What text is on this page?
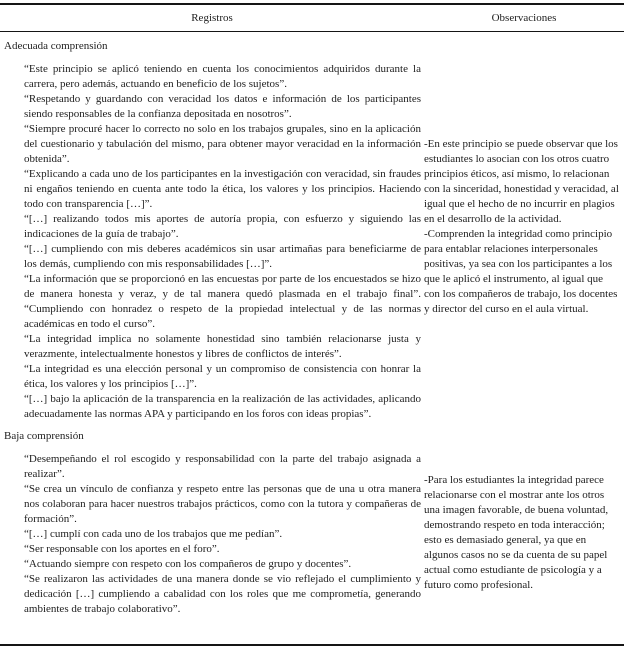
Registros	Observaciones
Adecuada comprensión

“Este principio se aplicó teniendo en cuenta los conocimientos adquiridos durante la carrera, pero además, actuando en beneficio de los sujetos”.

“Respetando y guardando con veracidad los datos e información de los participantes siendo responsables de la confianza depositada en nosotros”.

“Siempre procuré hacer lo correcto no solo en los trabajos grupales, sino en la aplicación del cuestionario y tabulación del mismo, para obtener mayor veracidad en la información obtenida”.

“Explicando a cada uno de los participantes en la investigación con veracidad, sin fraudes ni engaños teniendo en cuenta ante todo la ética, los valores y los principios. Haciendo todo con transparencia […]”.

“[…] realizando todos mis aportes de autoría propia, con esfuerzo y siguiendo las indicaciones de la guía de trabajo”.

“[…] cumpliendo con mis deberes académicos sin usar artimañas para beneficiarme de los demás, cumpliendo con mis responsabilidades […]”.

“La información que se proporcionó en las encuestas por parte de los encuestados se hizo de manera honesta y veraz, y de tal manera quedó plasmada en el trabajo final”. “Cumpliendo con honradez o respeto de la propiedad intelectual y de las normas académicas en todo el curso”.

“La integridad implica no solamente honestidad sino también relacionarse justa y verazmente, intelectualmente honestos y libres de conflictos de interés”.

“La integridad es una elección personal y un compromiso de consistencia con honrar la ética, los valores y los principios […]”.

“[…] bajo la aplicación de la transparencia en la realización de las actividades, aplicando adecuadamente las normas APA y participando en los foros con ideas propias”.

-En este principio se puede observar que los estudiantes lo asocian con los otros cuatro principios éticos, así mismo, lo relacionan con la sinceridad, honestidad y veracidad, al igual que el hecho de no incurrir en plagios en el desarrollo de la actividad.

-Comprenden la integridad como principio para entablar relaciones interpersonales positivas, ya sea con los participantes a los que le aplicó el instrumento, al igual que con los compañeros de trabajo, los docentes y director del curso en el aula virtual.

Baja comprensión

“Desempeñando el rol escogido y responsabilidad con la parte del trabajo asignada a realizar”.

“Se crea un vínculo de confianza y respeto entre las personas que de una u otra manera nos colaboran para hacer nuestros trabajos prácticos, como con la tutora y compañeras de formación”.

“[…] cumplí con cada uno de los trabajos que me pedían”.

“Ser responsable con los aportes en el foro”.

“Actuando siempre con respeto con los compañeros de grupo y docentes”.

“Se realizaron las actividades de una manera donde se vio reflejado el cumplimiento y dedicación […] cumpliendo a cabalidad con los roles que me comprometía, generando ambientes de trabajo colaborativo”.

-Para los estudiantes la integridad parece relacionarse con el mostrar ante los otros una imagen favorable, de buena voluntad, demostrando respeto en toda interacción; esto es demasiado general, ya que en algunos casos no se da cuenta de su papel actual como estudiante de psicología y a futuro como profesional.
